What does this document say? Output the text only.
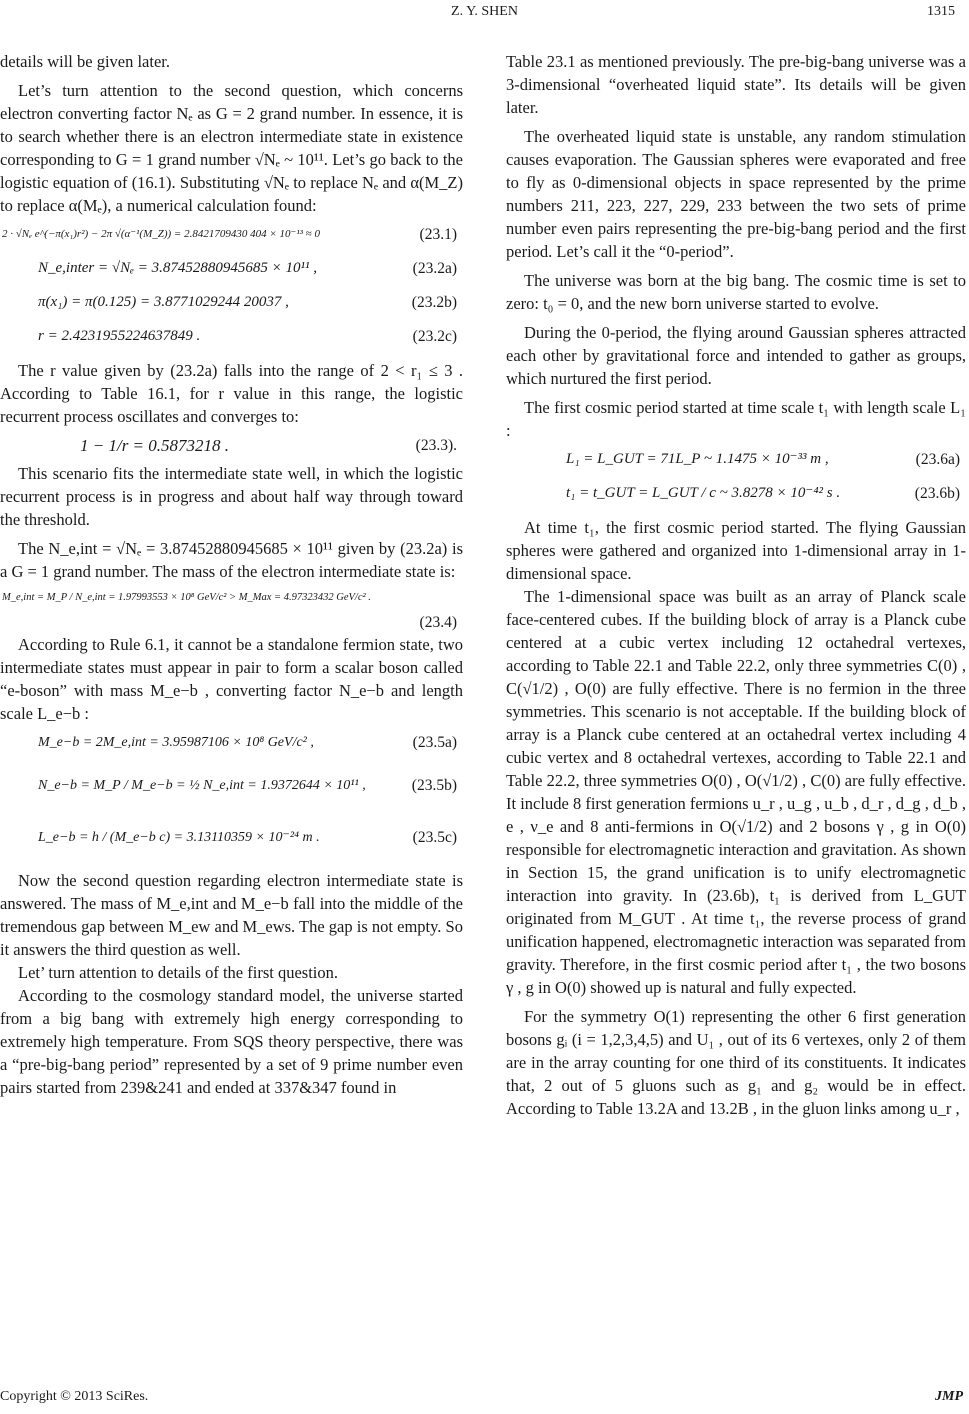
Z. Y. SHEN	1315

details will be given later.

Let’s turn attention to the second question, which concerns electron converting factor Nₑ as G = 2 grand number. In essence, it is to search whether there is an electron intermediate state in existence corresponding to G = 1 grand number √Nₑ ~ 10¹¹. Let’s go back to the logistic equation of (16.1). Substituting √Nₑ to replace Nₑ and α(M_Z) to replace α(Mₑ), a numerical calculation found:

2 · √Nₑ e^(−π(x₁)r²) − 2π √(α⁻¹(M_Z)) = 2.8421709430 404 × 10⁻¹³ ≈ 0	(23.1)
N_e,inter = √Nₑ = 3.87452880945685 × 10¹¹ ,	(23.2a)
π(x₁) = π(0.125) = 3.8771029244 20037 ,	(23.2b)
r = 2.4231955224637849 .	(23.2c)

The r value given by (23.2a) falls into the range of 2 < r₁ ≤ 3 . According to Table 16.1, for r value in this range, the logistic recurrent process oscillates and converges to:

1 − 1/r = 0.5873218 .	(23.3).

This scenario fits the intermediate state well, in which the logistic recurrent process is in progress and about half way through toward the threshold.

The N_e,int = √Nₑ = 3.87452880945685 × 10¹¹ given by (23.2a) is a G = 1 grand number. The mass of the electron intermediate state is:

M_e,int = M_P / N_e,int = 1.97993553 × 10⁸ GeV/c² > M_Max = 4.97323432 GeV/c² .
(23.4)

According to Rule 6.1, it cannot be a standalone fermion state, two intermediate states must appear in pair to form a scalar boson called “e-boson” with mass M_e−b , converting factor N_e−b and length scale L_e−b :

M_e−b = 2M_e,int = 3.95987106 × 10⁸ GeV/c² ,	(23.5a)
N_e−b = M_P / M_e−b = ½ N_e,int = 1.9372644 × 10¹¹ ,	(23.5b)
L_e−b = h / (M_e−b c) = 3.13110359 × 10⁻²⁴ m .	(23.5c)

Now the second question regarding electron intermediate state is answered. The mass of M_e,int and M_e−b fall into the middle of the tremendous gap between M_ew and M_ews. The gap is not empty. So it answers the third question as well.

Let’ turn attention to details of the first question.

According to the cosmology standard model, the universe started from a big bang with extremely high energy corresponding to extremely high temperature. From SQS theory perspective, there was a “pre-big-bang period” represented by a set of 9 prime number even pairs started from 239&241 and ended at 337&347 found in

Table 23.1 as mentioned previously. The pre-big-bang universe was a 3-dimensional “overheated liquid state”. Its details will be given later.

The overheated liquid state is unstable, any random stimulation causes evaporation. The Gaussian spheres were evaporated and free to fly as 0-dimensional objects in space represented by the prime numbers 211, 223, 227, 229, 233 between the two sets of prime number even pairs representing the pre-big-bang period and the first period. Let’s call it the “0-period”.

The universe was born at the big bang. The cosmic time is set to zero: t₀ = 0, and the new born universe started to evolve.

During the 0-period, the flying around Gaussian spheres attracted each other by gravitational force and intended to gather as groups, which nurtured the first period.

The first cosmic period started at time scale t₁ with length scale L₁ :

L₁ = L_GUT = 71L_P ~ 1.1475 × 10⁻³³ m ,	(23.6a)
t₁ = t_GUT = L_GUT / c ~ 3.8278 × 10⁻⁴² s .	(23.6b)

At time t₁, the first cosmic period started. The flying Gaussian spheres were gathered and organized into 1-dimensional array in 1-dimensional space.

The 1-dimensional space was built as an array of Planck scale face-centered cubes. If the building block of array is a Planck cube centered at a cubic vertex including 12 octahedral vertexes, according to Table 22.1 and Table 22.2, only three symmetries C(0) , C(√1/2) , O(0) are fully effective. There is no fermion in the three symmetries. This scenario is not acceptable. If the building block of array is a Planck cube centered at an octahedral vertex including 4 cubic vertex and 8 octahedral vertexes, according to Table 22.1 and Table 22.2, three symmetries O(0) , O(√1/2) , C(0) are fully effective. It include 8 first generation fermions u_r , u_g , u_b , d_r , d_g , d_b , e , ν_e and 8 anti-fermions in O(√1/2) and 2 bosons γ , g in O(0) responsible for electromagnetic interaction and gravitation. As shown in Section 15, the grand unification is to unify electromagnetic interaction into gravity. In (23.6b), t₁ is derived from L_GUT originated from M_GUT . At time t₁, the reverse process of grand unification happened, electromagnetic interaction was separated from gravity. Therefore, in the first cosmic period after t₁ , the two bosons γ , g in O(0) showed up is natural and fully expected.

For the symmetry O(1) representing the other 6 first generation bosons gᵢ (i = 1,2,3,4,5) and U₁ , out of its 6 vertexes, only 2 of them are in the array counting for one third of its constituents. It indicates that, 2 out of 5 gluons such as g₁ and g₂ would be in effect. According to Table 13.2A and 13.2B , in the gluon links among u_r ,

Copyright © 2013 SciRes.	JMP
